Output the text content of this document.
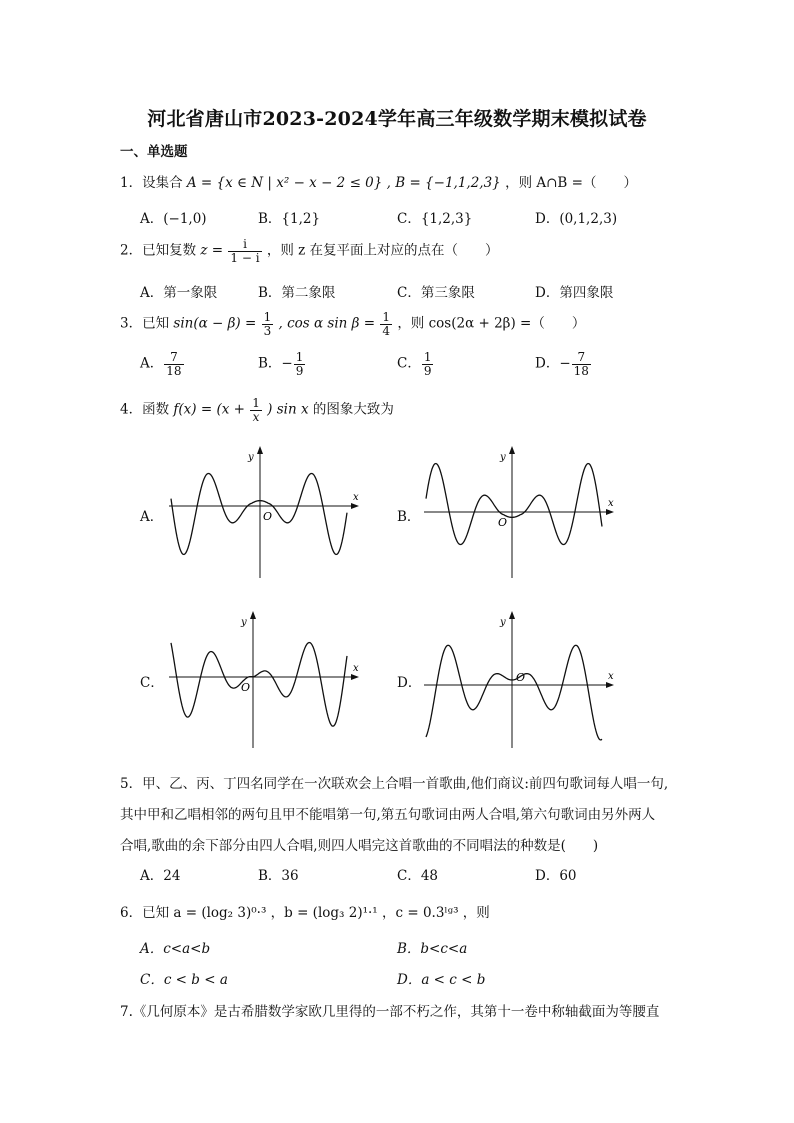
河北省唐山市2023-2024学年高三年级数学期末模拟试卷
一、单选题
1．设集合 A = {x ∈ N | x² − x − 2 ≤ 0} , B = {−1,1,2,3} ，则 A∩B =（　　）
A．(−1,0)	B．{1,2}	C．{1,2,3}	D．(0,1,2,3)
2．已知复数 $z = \frac{i}{1 - i}$ ，则 z 在复平面上对应的点在（　　）
A．第一象限	B．第二象限	C．第三象限	D．第四象限
3．已知 $\sin(\alpha - \beta) = \frac{1}{3}$ , cos α $\sin \beta = \frac{1}{4}$ ，则 cos(2α + 2β) =（　　）
A． $\frac{7}{18}$	B．− $\frac{1}{9}$	C． $\frac{1}{9}$	D．− $\frac{7}{18}$
4．函数 $f(x) = (x + \frac{1}{x}$ ) sin x 的图象大致为
A．	B．
C．	D．
x
y
O
x
y
O
x
y
O
x
y
O
5．甲、乙、丙、丁四名同学在一次联欢会上合唱一首歌曲,他们商议:前四句歌词每人唱一句,
其中甲和乙唱相邻的两句且甲不能唱第一句,第五句歌词由两人合唱,第六句歌词由另外两人
合唱,歌曲的余下部分由四人合唱,则四人唱完这首歌曲的不同唱法的种数是(　　)
A．24	B．36	C．48	D．60
6．已知 a = (log₂ 3)⁰·³ ，b = (log₃ 2)¹·¹ ，c = 0.3ˡᵍ³ ，则
A．c<a<b	B．b<c<a
C．c < b < a	D．a < c < b
7.《几何原本》是古希腊数学家欧几里得的一部不朽之作，其第十一卷中称轴截面为等腰直
